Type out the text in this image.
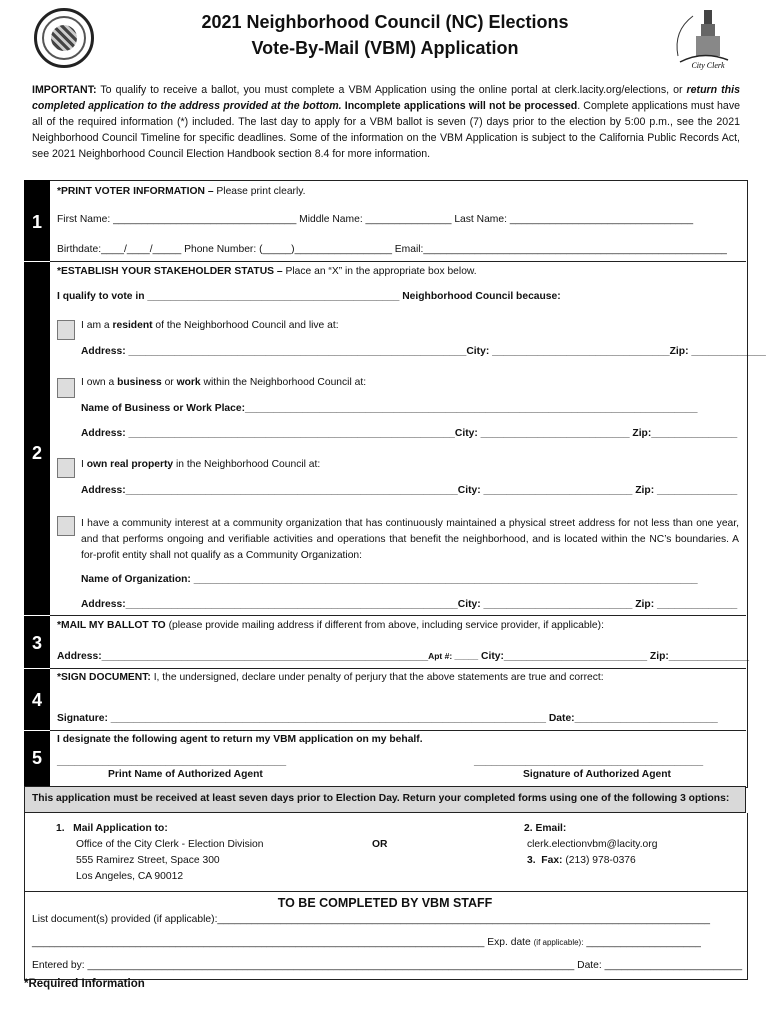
2021 Neighborhood Council (NC) Elections
Vote-By-Mail (VBM) Application
City Clerk
IMPORTANT: To qualify to receive a ballot, you must complete a VBM Application using the online portal at clerk.lacity.org/elections, or return this completed application to the address provided at the bottom. Incomplete applications will not be processed. Complete applications must have all of the required information (*) included. The last day to apply for a VBM ballot is seven (7) days prior to the election by 5:00 p.m., see the 2021 Neighborhood Council Timeline for specific deadlines. Some of the information on the VBM Application is subject to the California Public Records Act, see 2021 Neighborhood Council Election Handbook section 8.4 for more information.
1
2
3
4
5
*PRINT VOTER INFORMATION – Please print clearly.
First Name: ________________________________ Middle Name: _______________ Last Name: ________________________________
Birthdate:____/____/_____ Phone Number: (_____)_________________ Email:_____________________________________________________
*ESTABLISH YOUR STAKEHOLDER STATUS – Place an “X” in the appropriate box below.
I qualify to vote in ____________________________________________ Neighborhood Council because:
I am a resident of the Neighborhood Council and live at:
Address: ___________________________________________________________City: _______________________________Zip: _____________
I own a business or work within the Neighborhood Council at:
Name of Business or Work Place:_______________________________________________________________________________
Address: _________________________________________________________City: __________________________ Zip:_______________
I own real property in the Neighborhood Council at:
Address:__________________________________________________________City: __________________________ Zip: ______________
I have a community interest at a community organization that has continuously maintained a physical street address for not less than one year, and that performs ongoing and verifiable activities and operations that benefit the neighborhood, and is located within the NC’s boundaries. A for-profit entity shall not qualify as a Community Organization:
Name of Organization: ________________________________________________________________________________________
Address:__________________________________________________________City: __________________________ Zip: ______________
*MAIL MY BALLOT TO (please provide mailing address if different from above, including service provider, if applicable):
Address:_________________________________________________________Apt #: _____ City:_________________________ Zip:______________
*SIGN DOCUMENT: I, the undersigned, declare under penalty of perjury that the above statements are true and correct:
Signature: ____________________________________________________________________________ Date:_________________________
I designate the following agent to return my VBM application on my behalf.
________________________________________	________________________________________
Print Name of Authorized Agent	Signature of Authorized Agent
This application must be received at least seven days prior to Election Day. Return your completed forms using one of the following 3 options:
1.   Mail Application to:
Office of the City Clerk - Election Division
555 Ramirez Street, Space 300
Los Angeles, CA 90012
OR
2. Email:
clerk.electionvbm@lacity.org
3.  Fax: (213) 978-0376
TO BE COMPLETED BY VBM STAFF
List document(s) provided (if applicable):______________________________________________________________________________________
_______________________________________________________________________________ Exp. date (if applicable): ____________________
Entered by: _____________________________________________________________________________________ Date: ________________________
*Required Information
